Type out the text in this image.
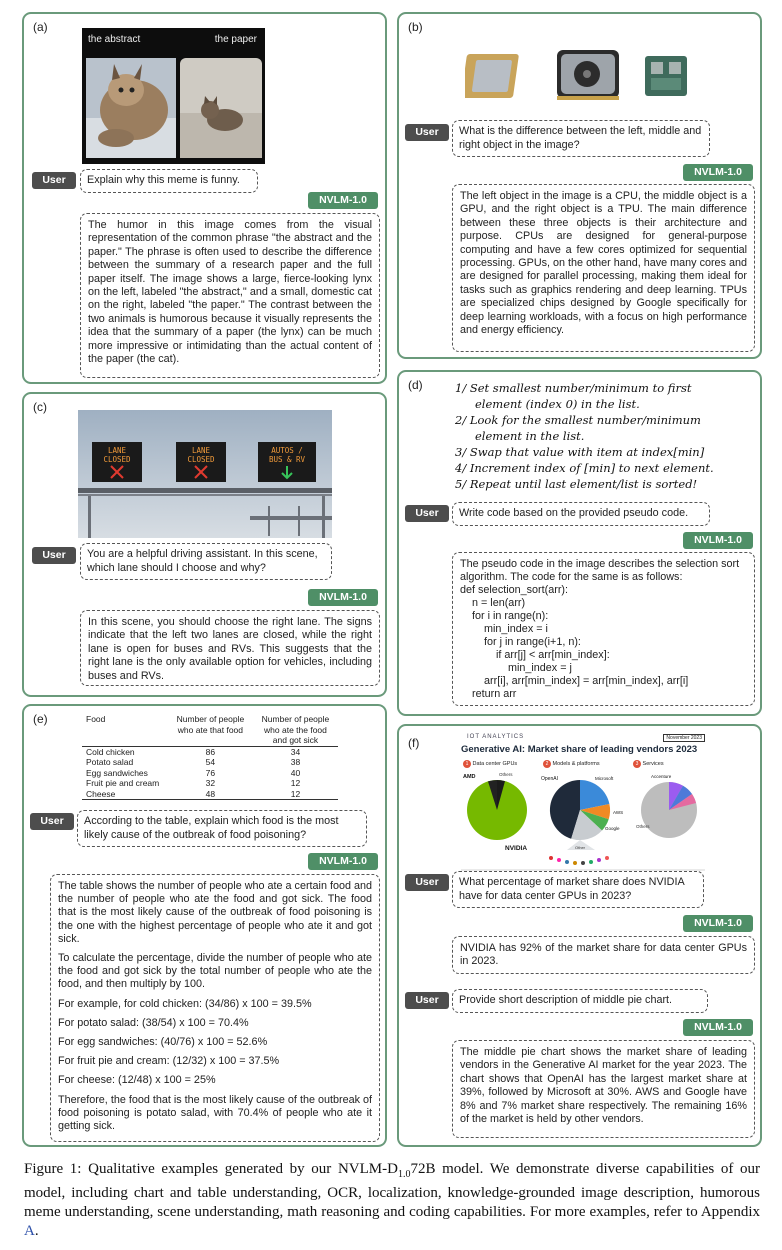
(a)
the abstract	the paper
User	Explain why this meme is funny.
NVLM-1.0
The humor in this image comes from the visual representation of the common phrase "the abstract and the paper." The phrase is often used to describe the difference between the summary of a research paper and the full paper itself. The image shows a large, fierce-looking lynx on the left, labeled "the abstract," and a small, domestic cat on the right, labeled "the paper." The contrast between the two animals is humorous because it visually represents the idea that the summary of a paper (the lynx) can be much more impressive or intimidating than the actual content of the paper (the cat).
(b)
User	What is the difference between the left, middle and right object in the image?
NVLM-1.0
The left object in the image is a CPU, the middle object is a GPU, and the right object is a TPU. The main difference between these three objects is their architecture and purpose. CPUs are designed for general-purpose computing and have a few cores optimized for sequential processing. GPUs, on the other hand, have many cores and are designed for parallel processing, making them ideal for tasks such as graphics rendering and deep learning. TPUs are specialized chips designed by Google specifically for deep learning workloads, with a focus on high performance and energy efficiency.
(c)
LANE
CLOSED
LANE
CLOSED
AUTOS /
BUS & RV
User	You are a helpful driving assistant. In this scene, which lane should I choose and why?
NVLM-1.0
In this scene, you should choose the right lane. The signs indicate that the left two lanes are closed, while the right lane is open for buses and RVs. This suggests that the right lane is the only available option for vehicles, including buses and RVs.
(d)	1/ Set smallest number/minimum to first
element (index 0) in the list.
2/ Look for the smallest number/minimum
element in the list.
3/ Swap that value with item at index[min]
4/ Increment index of [min] to next element.
5/ Repeat until last element/list is sorted!
User	Write code based on the provided pseudo code.
NVLM-1.0
The pseudo code in the image describes the selection sort algorithm. The code for the same is as follows:
def selection_sort(arr):
n = len(arr)
for i in range(n):
min_index = i
for j in range(i+1, n):
if arr[j] < arr[min_index]:
min_index = j
arr[i], arr[min_index] = arr[min_index], arr[i]
return arr
(e)	Food	Number of people who ate that food	Number of people who ate the food and got sick
Cold chicken	86	34
Potato salad	54	38
Egg sandwiches	76	40
Fruit pie and cream	32	12
Cheese	48	12
User	According to the table, explain which food is the most likely cause of the outbreak of food poisoning?
NVLM-1.0

The table shows the number of people who ate a certain food and the number of people who ate the food and got sick. The food that is the most likely cause of the outbreak of food poisoning is the one with the highest percentage of people who ate it and got sick.

To calculate the percentage, divide the number of people who ate the food and got sick by the total number of people who ate the food, and then multiply by 100.

For example, for cold chicken: (34/86) x 100 = 39.5%

For potato salad: (38/54) x 100 = 70.4%

For egg sandwiches: (40/76) x 100 = 52.6%

For fruit pie and cream: (12/32) x 100 = 37.5%

For cheese: (12/48) x 100 = 25%

Therefore, the food that is the most likely cause of the outbreak of food poisoning is potato salad, with 70.4% of people who ate it getting sick.

(f)	IOT ANALYTICS	November 2023
Generative AI: Market share of leading vendors 2023
1 Data center GPUs	2 Models & platforms	3 Services
AMD	Others
NVIDIA
OpenAI	Microsoft
AWS
Google
Other
Accenture
Others
User	What percentage of market share does NVIDIA have for data center GPUs in 2023?
NVLM-1.0
NVIDIA has 92% of the market share for data center GPUs in 2023.
User	Provide short description of middle pie chart.
NVLM-1.0
The middle pie chart shows the market share of leading vendors in the Generative AI market for the year 2023. The chart shows that OpenAI has the largest market share at 39%, followed by Microsoft at 30%. AWS and Google have 8% and 7% market share respectively. The remaining 16% of the market is held by other vendors.
Figure 1: Qualitative examples generated by our NVLM-$D_{1.0}72B$ model. We demonstrate diverse capabilities of our model, including chart and table understanding, OCR, localization, knowledge-grounded image description, humorous meme understanding, scene understanding, math reasoning and coding capabilities. For more examples, refer to Appendix A.
